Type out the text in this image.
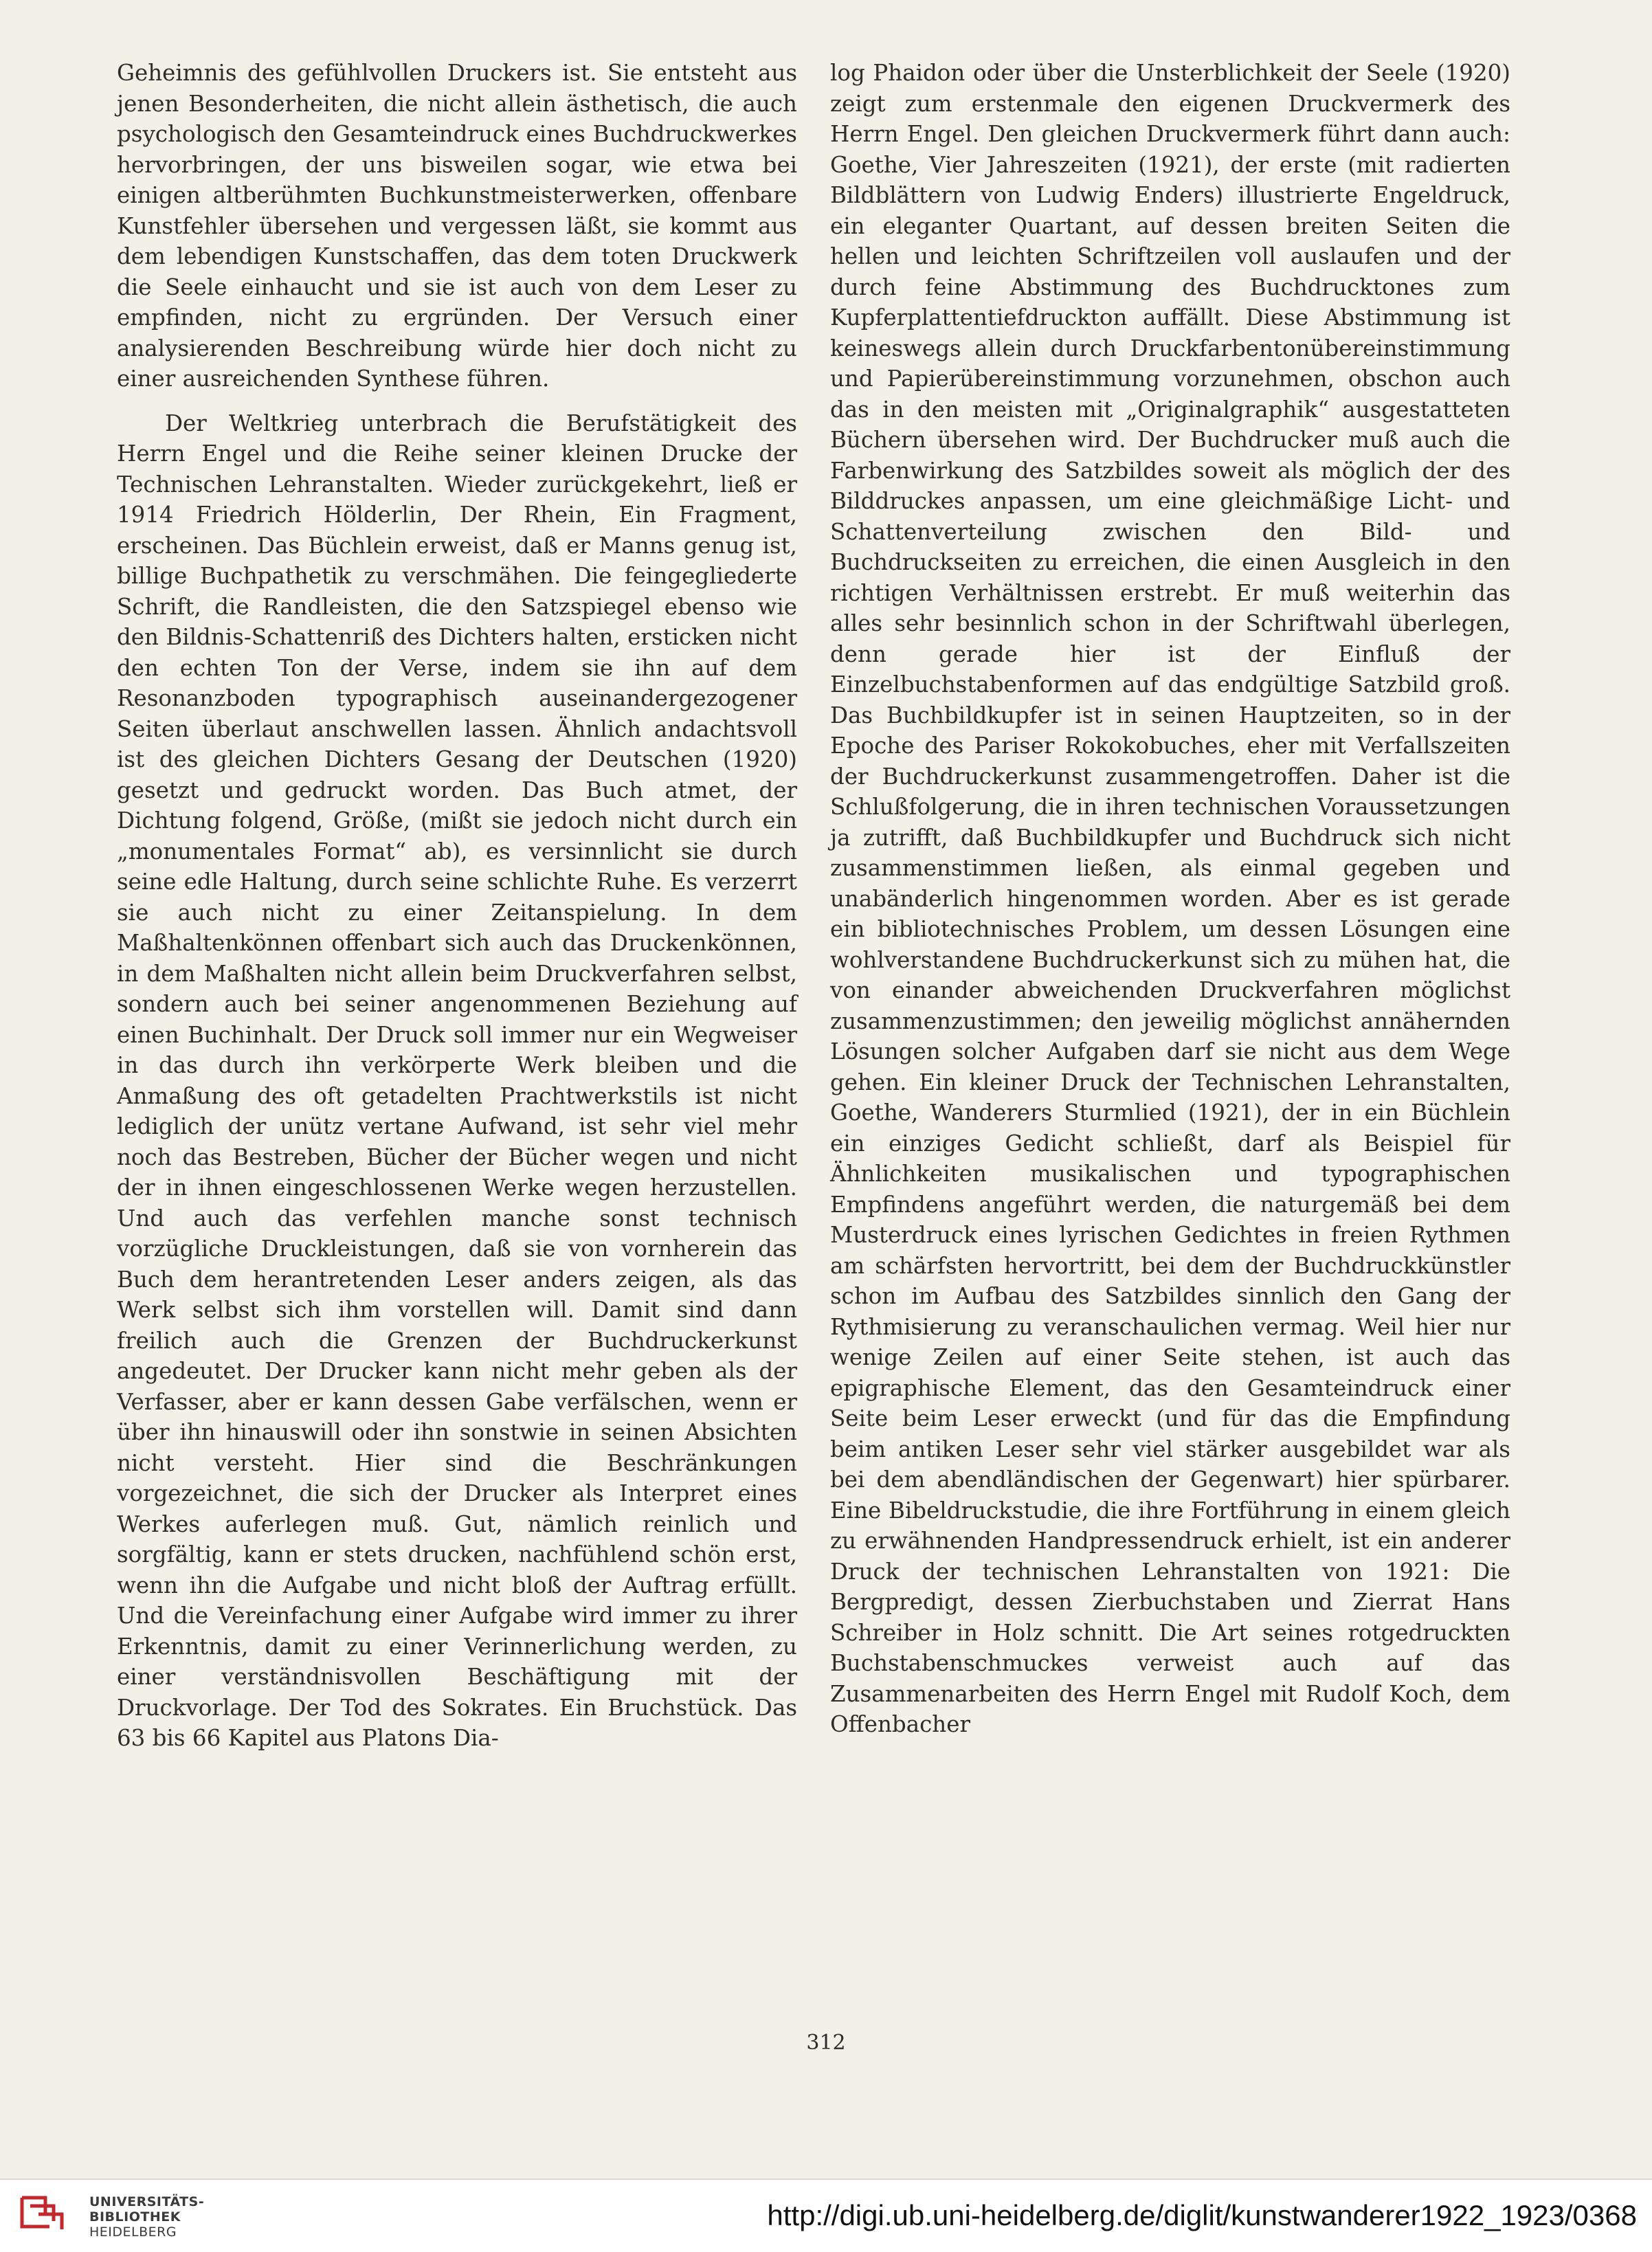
Geheimnis des gefühlvollen Druckers ist. Sie entsteht aus jenen Besonderheiten, die nicht allein ästhetisch, die auch psychologisch den Gesamteindruck eines Buchdruckwerkes hervorbringen, der uns bisweilen sogar, wie etwa bei einigen altberühmten Buchkunstmeisterwerken, offenbare Kunstfehler übersehen und vergessen läßt, sie kommt aus dem lebendigen Kunstschaffen, das dem toten Druckwerk die Seele einhaucht und sie ist auch von dem Leser zu empfinden, nicht zu ergründen. Der Versuch einer analysierenden Beschreibung würde hier doch nicht zu einer ausreichenden Synthese führen.

Der Weltkrieg unterbrach die Berufstätigkeit des Herrn Engel und die Reihe seiner kleinen Drucke der Technischen Lehranstalten. Wieder zurückgekehrt, ließ er 1914 Friedrich Hölderlin, Der Rhein, Ein Fragment, erscheinen. Das Büchlein erweist, daß er Manns genug ist, billige Buchpathetik zu verschmähen. Die feingegliederte Schrift, die Randleisten, die den Satzspiegel ebenso wie den Bildnis-Schattenriß des Dichters halten, ersticken nicht den echten Ton der Verse, indem sie ihn auf dem Resonanzboden typographisch auseinandergezogener Seiten überlaut anschwellen lassen. Ähnlich andachtsvoll ist des gleichen Dichters Gesang der Deutschen (1920) gesetzt und gedruckt worden. Das Buch atmet, der Dichtung folgend, Größe, (mißt sie jedoch nicht durch ein „monumentales Format“ ab), es versinnlicht sie durch seine edle Haltung, durch seine schlichte Ruhe. Es verzerrt sie auch nicht zu einer Zeitanspielung. In dem Maßhaltenkönnen offenbart sich auch das Druckenkönnen, in dem Maßhalten nicht allein beim Druckverfahren selbst, sondern auch bei seiner angenommenen Beziehung auf einen Buchinhalt. Der Druck soll immer nur ein Wegweiser in das durch ihn verkörperte Werk bleiben und die Anmaßung des oft getadelten Prachtwerkstils ist nicht lediglich der unütz vertane Aufwand, ist sehr viel mehr noch das Bestreben, Bücher der Bücher wegen und nicht der in ihnen eingeschlossenen Werke wegen herzustellen. Und auch das verfehlen manche sonst technisch vorzügliche Druckleistungen, daß sie von vornherein das Buch dem herantretenden Leser anders zeigen, als das Werk selbst sich ihm vorstellen will. Damit sind dann freilich auch die Grenzen der Buchdruckerkunst angedeutet. Der Drucker kann nicht mehr geben als der Verfasser, aber er kann dessen Gabe verfälschen, wenn er über ihn hinauswill oder ihn sonstwie in seinen Absichten nicht versteht. Hier sind die Beschränkungen vorgezeichnet, die sich der Drucker als Interpret eines Werkes auferlegen muß. Gut, nämlich reinlich und sorgfältig, kann er stets drucken, nachfühlend schön erst, wenn ihn die Aufgabe und nicht bloß der Auftrag erfüllt. Und die Vereinfachung einer Aufgabe wird immer zu ihrer Erkenntnis, damit zu einer Verinnerlichung werden, zu einer verständnisvollen Beschäftigung mit der Druckvorlage. Der Tod des Sokrates. Ein Bruchstück. Das 63 bis 66 Kapitel aus Platons Dia-

log Phaidon oder über die Unsterblichkeit der Seele (1920) zeigt zum erstenmale den eigenen Druckvermerk des Herrn Engel. Den gleichen Druckvermerk führt dann auch: Goethe, Vier Jahreszeiten (1921), der erste (mit radierten Bildblättern von Ludwig Enders) illustrierte Engeldruck, ein eleganter Quartant, auf dessen breiten Seiten die hellen und leichten Schriftzeilen voll auslaufen und der durch feine Abstimmung des Buchdrucktones zum Kupferplattentiefdruckton auffällt. Diese Abstimmung ist keineswegs allein durch Druckfarbentonübereinstimmung und Papierübereinstimmung vorzunehmen, obschon auch das in den meisten mit „Originalgraphik“ ausgestatteten Büchern übersehen wird. Der Buchdrucker muß auch die Farbenwirkung des Satzbildes soweit als möglich der des Bilddruckes anpassen, um eine gleichmäßige Licht- und Schattenverteilung zwischen den Bild- und Buchdruckseiten zu erreichen, die einen Ausgleich in den richtigen Verhältnissen erstrebt. Er muß weiterhin das alles sehr besinnlich schon in der Schriftwahl überlegen, denn gerade hier ist der Einfluß der Einzelbuchstabenformen auf das endgültige Satzbild groß. Das Buchbildkupfer ist in seinen Hauptzeiten, so in der Epoche des Pariser Rokokobuches, eher mit Verfallszeiten der Buchdruckerkunst zusammengetroffen. Daher ist die Schlußfolgerung, die in ihren technischen Voraussetzungen ja zutrifft, daß Buchbildkupfer und Buchdruck sich nicht zusammenstimmen ließen, als einmal gegeben und unabänderlich hingenommen worden. Aber es ist gerade ein bibliotechnisches Problem, um dessen Lösungen eine wohlverstandene Buchdruckerkunst sich zu mühen hat, die von einander abweichenden Druckverfahren möglichst zusammenzustimmen; den jeweilig möglichst annähernden Lösungen solcher Aufgaben darf sie nicht aus dem Wege gehen. Ein kleiner Druck der Technischen Lehranstalten, Goethe, Wanderers Sturmlied (1921), der in ein Büchlein ein einziges Gedicht schließt, darf als Beispiel für Ähnlichkeiten musikalischen und typographischen Empfindens angeführt werden, die naturgemäß bei dem Musterdruck eines lyrischen Gedichtes in freien Rythmen am schärfsten hervortritt, bei dem der Buchdruckkünstler schon im Aufbau des Satzbildes sinnlich den Gang der Rythmisierung zu veranschaulichen vermag. Weil hier nur wenige Zeilen auf einer Seite stehen, ist auch das epigraphische Element, das den Gesamteindruck einer Seite beim Leser erweckt (und für das die Empfindung beim antiken Leser sehr viel stärker ausgebildet war als bei dem abendländischen der Gegenwart) hier spürbarer. Eine Bibeldruckstudie, die ihre Fortführung in einem gleich zu erwähnenden Handpressendruck erhielt, ist ein anderer Druck der technischen Lehranstalten von 1921: Die Bergpredigt, dessen Zierbuchstaben und Zierrat Hans Schreiber in Holz schnitt. Die Art seines rotgedruckten Buchstabenschmuckes verweist auch auf das Zusammenarbeiten des Herrn Engel mit Rudolf Koch, dem Offenbacher

312
UNIVERSITÄTS-
BIBLIOTHEK
HEIDELBERG
http://digi.ub.uni-heidelberg.de/diglit/kunstwanderer1922_1923/0368
